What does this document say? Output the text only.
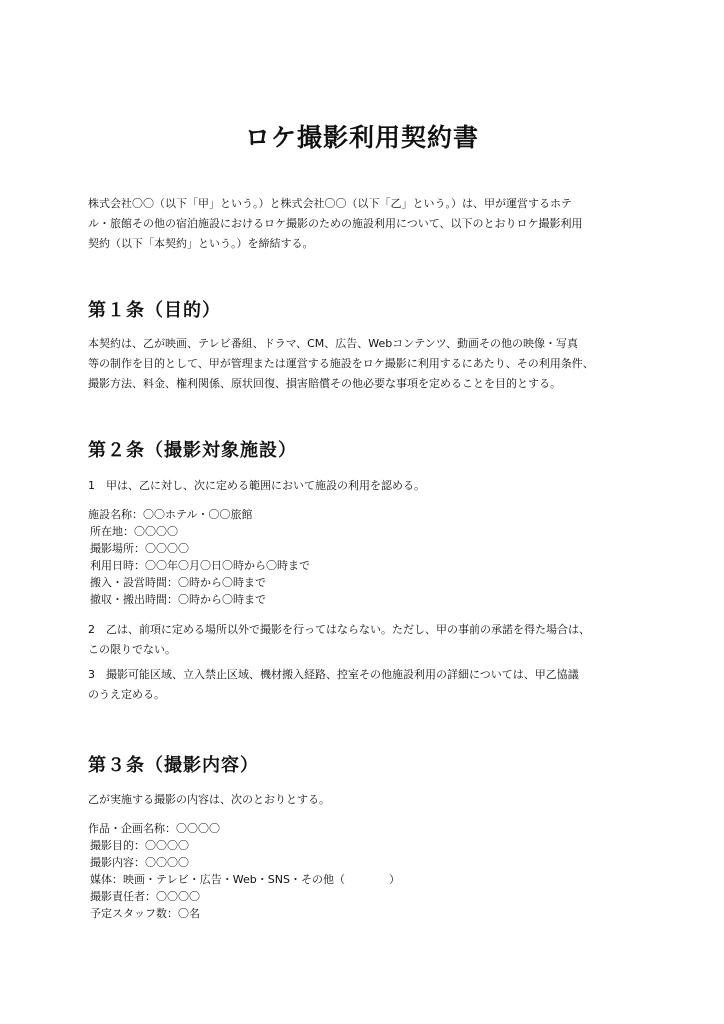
ロケ撮影利用契約書

株式会社〇〇（以下「甲」という。）と株式会社〇〇（以下「乙」という。）は、甲が運営するホテ
ル・旅館その他の宿泊施設におけるロケ撮影のための施設利用について、以下のとおりロケ撮影利用
契約（以下「本契約」という。）を締結する。

第１条（目的）

本契約は、乙が映画、テレビ番組、ドラマ、CM、広告、Webコンテンツ、動画その他の映像・写真
等の制作を目的として、甲が管理または運営する施設をロケ撮影に利用するにあたり、その利用条件、
撮影方法、料金、権利関係、原状回復、損害賠償その他必要な事項を定めることを目的とする。

第２条（撮影対象施設）

1　甲は、乙に対し、次に定める範囲において施設の利用を認める。

施設名称：〇〇ホテル・〇〇旅館
所在地：〇〇〇〇
撮影場所：〇〇〇〇
利用日時：〇〇年〇月〇日〇時から〇時まで
搬入・設営時間：〇時から〇時まで
撤収・搬出時間：〇時から〇時まで

2　乙は、前項に定める場所以外で撮影を行ってはならない。ただし、甲の事前の承諾を得た場合は、
この限りでない。

3　撮影可能区域、立入禁止区域、機材搬入経路、控室その他施設利用の詳細については、甲乙協議
のうえ定める。

第３条（撮影内容）

乙が実施する撮影の内容は、次のとおりとする。

作品・企画名称：〇〇〇〇
撮影目的：〇〇〇〇
撮影内容：〇〇〇〇
媒体：映画・テレビ・広告・Web・SNS・その他（　　　　）
撮影責任者：〇〇〇〇
予定スタッフ数：〇名
